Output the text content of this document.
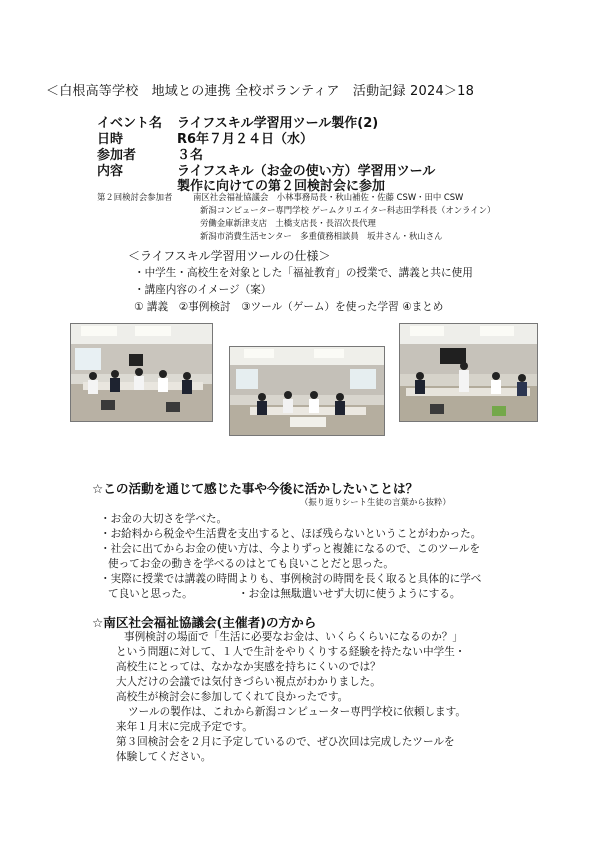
＜白根高等学校　地域との連携 全校ボランティア　活動記録 2024＞18
イベント名	ライフスキル学習用ツール製作(2)
日時	R6年７月２４日（水）
参加者	３名
内容	ライフスキル（お金の使い方）学習用ツール
製作に向けての第２回検討会に参加
第２回検討会参加者 南区社会福祉協議会　小林事務局長・秋山補佐・佐藤 CSW・田中 CSW
新潟コンピューター専門学校 ゲームクリエイター科志田学科長（オンライン）
労働金庫新津支店　土橋支店長・長沼次長代理
新潟市消費生活センター　多重債務相談員　坂井さん・秋山さん
＜ライフスキル学習用ツールの仕様＞
・中学生・高校生を対象とした「福祉教育」の授業で、講義と共に使用
・講座内容のイメージ（案）
① 講義　②事例検討　③ツール（ゲーム）を使った学習 ④まとめ
☆この活動を通じて感じた事や今後に活かしたいことは？
（振り返りシート生徒の言葉から抜粋）
・お金の大切さを学べた。
・お給料から税金や生活費を支出すると、ほぼ残らないということがわかった。
・社会に出てからお金の使い方は、今よりずっと複雑になるので、このツールを
使ってお金の動きを学べるのはとても良いことだと思った。
・実際に授業では講義の時間よりも、事例検討の時間を長く取ると具体的に学べ
て良いと思った。	・お金は無駄遣いせず大切に使うようにする。
☆南区社会福祉協議会(主催者)の方から
事例検討の場面で「生活に必要なお金は、いくらくらいになるのか？」
という問題に対して、１人で生計をやりくりする経験を持たない中学生・
高校生にとっては、なかなか実感を持ちにくいのでは？
大人だけの会議では気付きづらい視点がわかりました。
高校生が検討会に参加してくれて良かったです。
ツールの製作は、これから新潟コンピューター専門学校に依頼します。
来年１月末に完成予定です。
第３回検討会を２月に予定しているので、ぜひ次回は完成したツールを
体験してください。
